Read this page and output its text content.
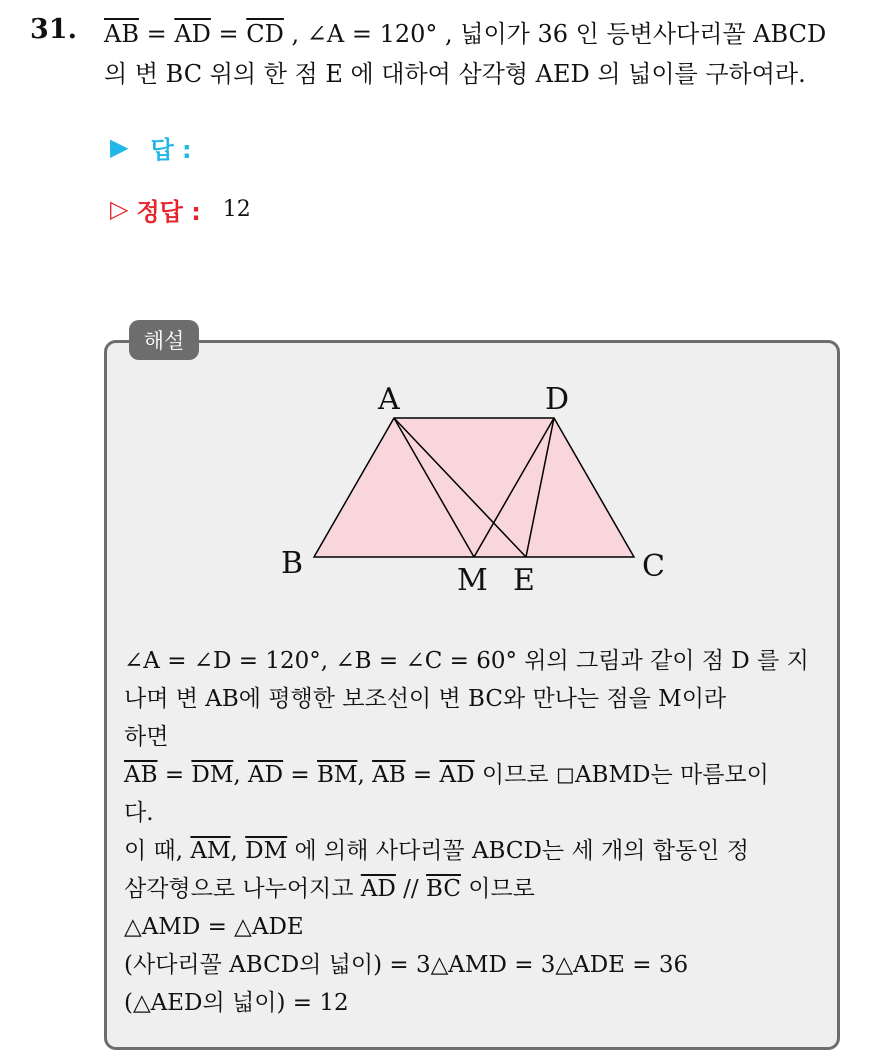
31. $\overline{AB} = \overline{AD} = \overline{CD}$ , ∠A = 120° , 넓이가 36 인 등변사다리꼴 ABCD
의 변 BC 위의 한 점 E 에 대하여 삼각형 AED 의 넓이를 구하여라.
▶ 답 :
▷ 정답 : 12
해설
A	D
B	M E	C
∠A = ∠D = 120°, ∠B = ∠C = 60° 위의 그림과 같이 점 D 를 지
나며 변 AB에 평행한 보조선이 변 BC와 만나는 점을 M이라
하면
$\overline{AB} = \overline{DM}$, $\overline{AD} = \overline{BM}$, $\overline{AB} = \overline{AD}$ 이므로 ◻ABMD는 마름모이
다.
이 때, $\overline{AM}$, $\overline{DM}$ 에 의해 사다리꼴 ABCD는 세 개의 합동인 정
삼각형으로 나누어지고 $\overline{AD} // \overline{BC}$ 이므로
△AMD = △ADE
(사다리꼴 ABCD의 넓이) = 3△AMD = 3△ADE = 36
(△AED의 넓이) = 12
